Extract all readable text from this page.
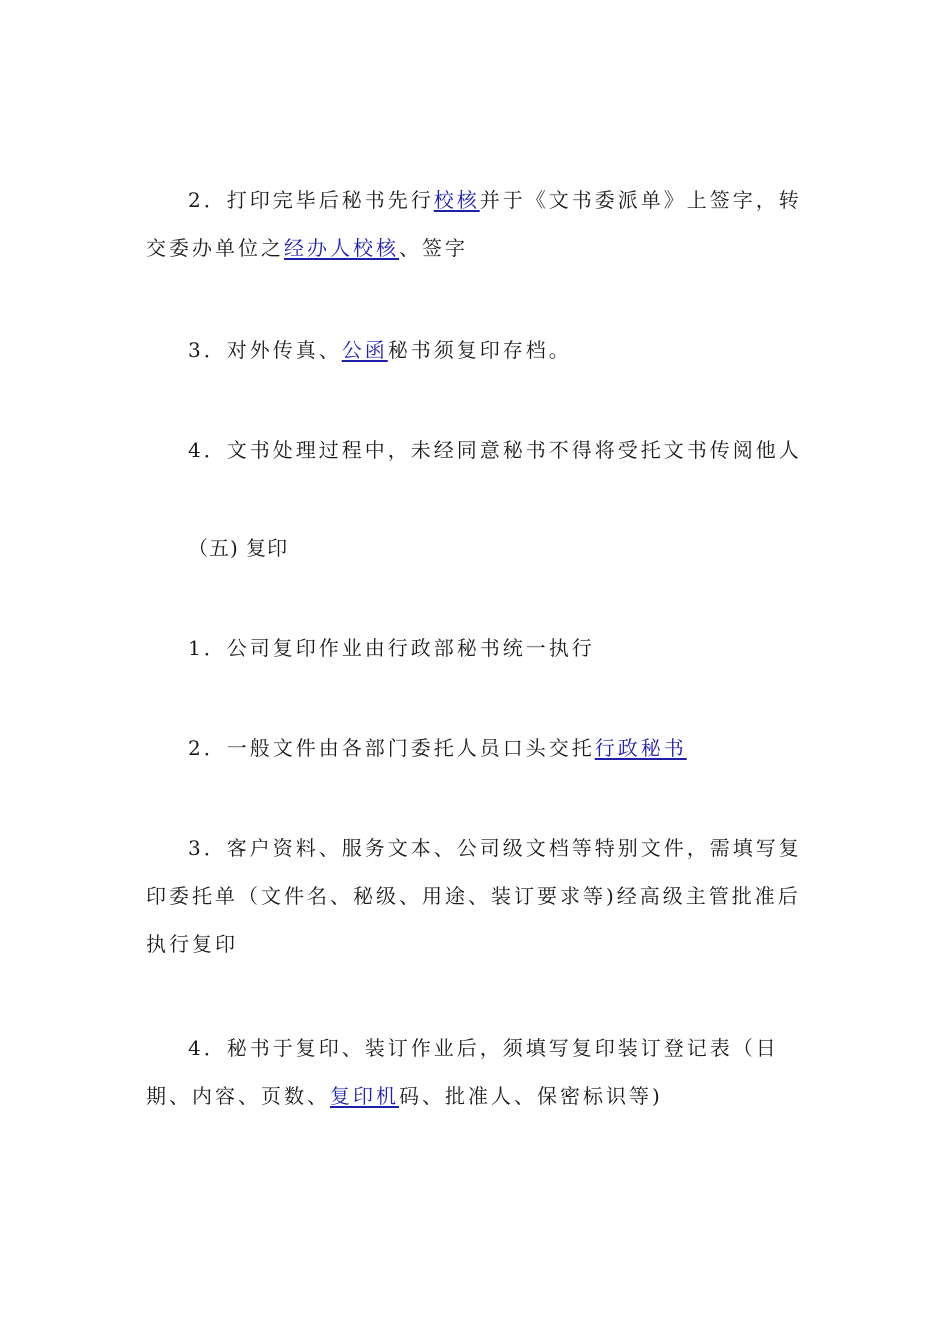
2．打印完毕后秘书先行校核并于《文书委派单》上签字，转交委办单位之经办人校核、签字

3．对外传真、公函秘书须复印存档。

4．文书处理过程中，未经同意秘书不得将受托文书传阅他人

（五) 复印

1．公司复印作业由行政部秘书统一执行

2．一般文件由各部门委托人员口头交托行政秘书

3．客户资料、服务文本、公司级文档等特别文件，需填写复印委托单（文件名、秘级、用途、装订要求等)经高级主管批准后执行复印

4．秘书于复印、装订作业后，须填写复印装订登记表（日期、内容、页数、复印机码、批准人、保密标识等)
